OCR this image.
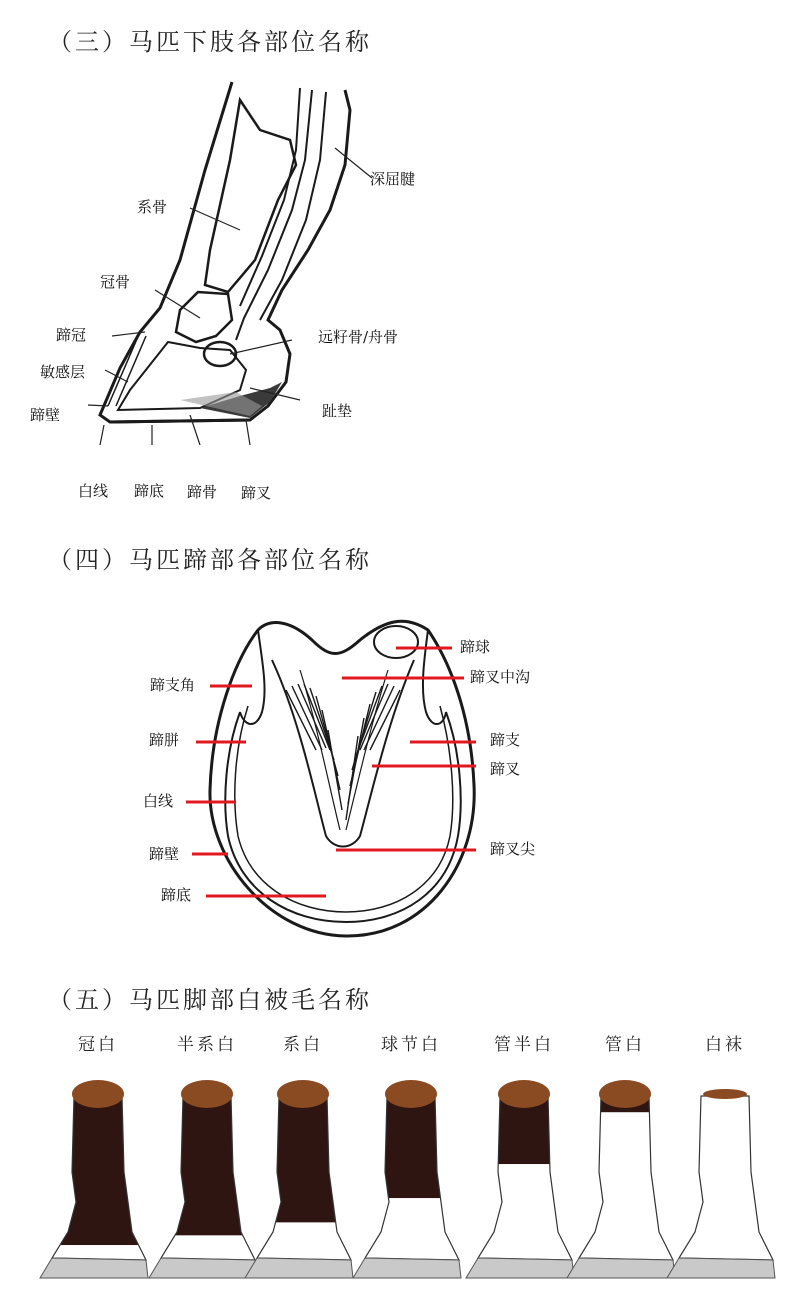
（三）马匹下肢各部位名称
深屈腱
系骨
冠骨
蹄冠	远籽骨/舟骨
敏感层
趾垫
蹄壁
白线 蹄底 蹄骨 蹄叉
（四）马匹蹄部各部位名称
蹄球
蹄叉中沟
蹄支角
蹄胼	蹄支
蹄叉
白线
蹄叉尖
蹄壁
蹄底
（五）马匹脚部白被毛名称
冠白	半系白	系白	球节白	管半白	管白	白袜
